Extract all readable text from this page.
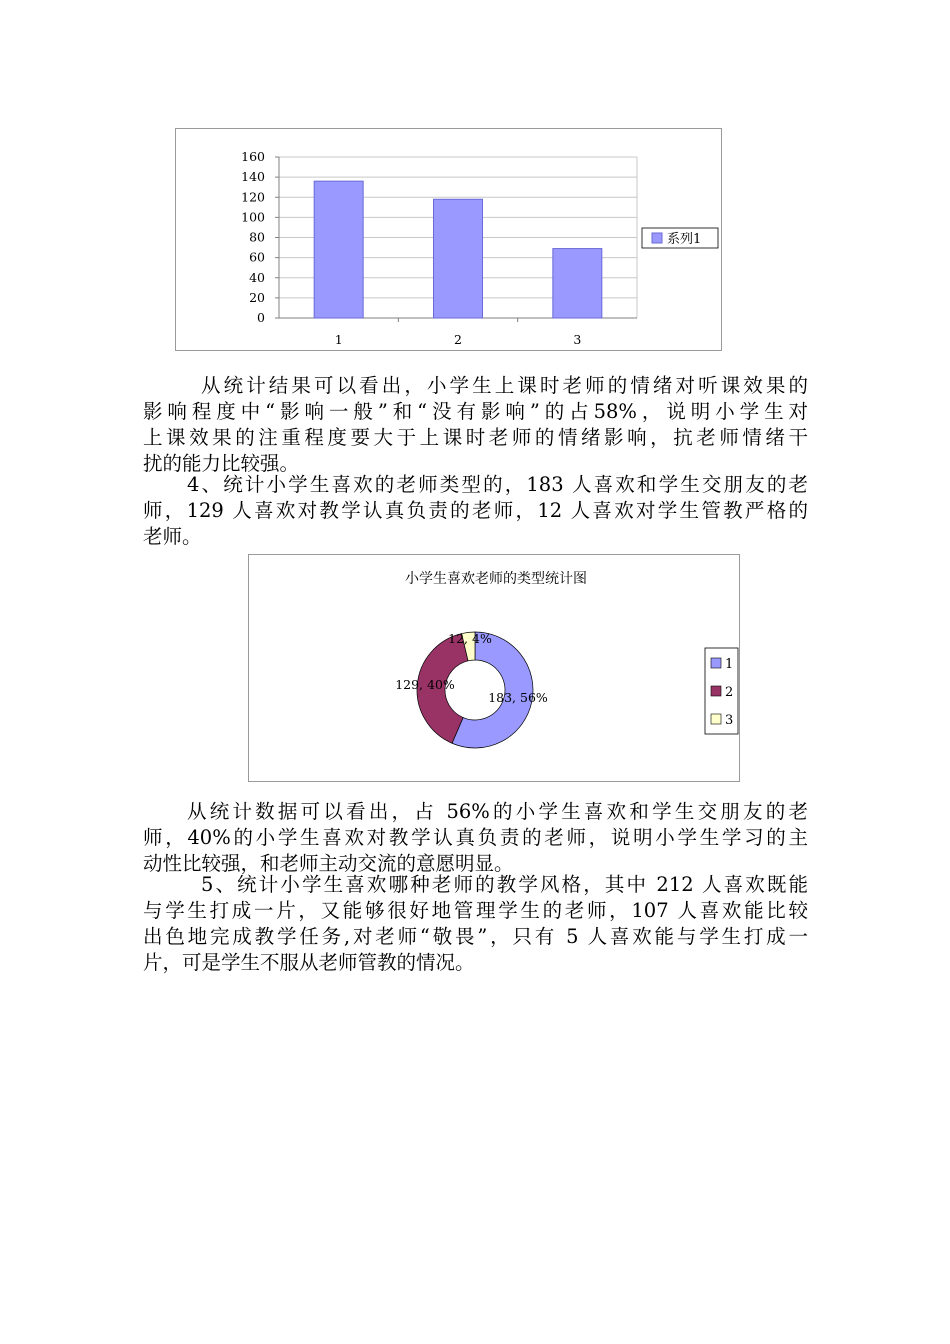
0
20
40
60
80
100
120
140
160
1	2	3
系列1

从统计结果可以看出，小学生上课时老师的情绪对听课效果的
影响程度中“影响一般”和“没有影响”的占58%，说明小学生对
上课效果的注重程度要大于上课时老师的情绪影响，抗老师情绪干
扰的能力比较强。

4、统计小学生喜欢的老师类型的，183 人喜欢和学生交朋友的老
师，129 人喜欢对教学认真负责的老师，12 人喜欢对学生管教严格的
老师。

小学生喜欢老师的类型统计图
183, 56%
129, 40%
12, 4%
1
2
3

从统计数据可以看出，占 56%的小学生喜欢和学生交朋友的老
师，40%的小学生喜欢对教学认真负责的老师，说明小学生学习的主
动性比较强，和老师主动交流的意愿明显。

5、统计小学生喜欢哪种老师的教学风格，其中 212 人喜欢既能
与学生打成一片，又能够很好地管理学生的老师，107 人喜欢能比较
出色地完成教学任务,对老师“敬畏”，只有 5 人喜欢能与学生打成一
片，可是学生不服从老师管教的情况。
